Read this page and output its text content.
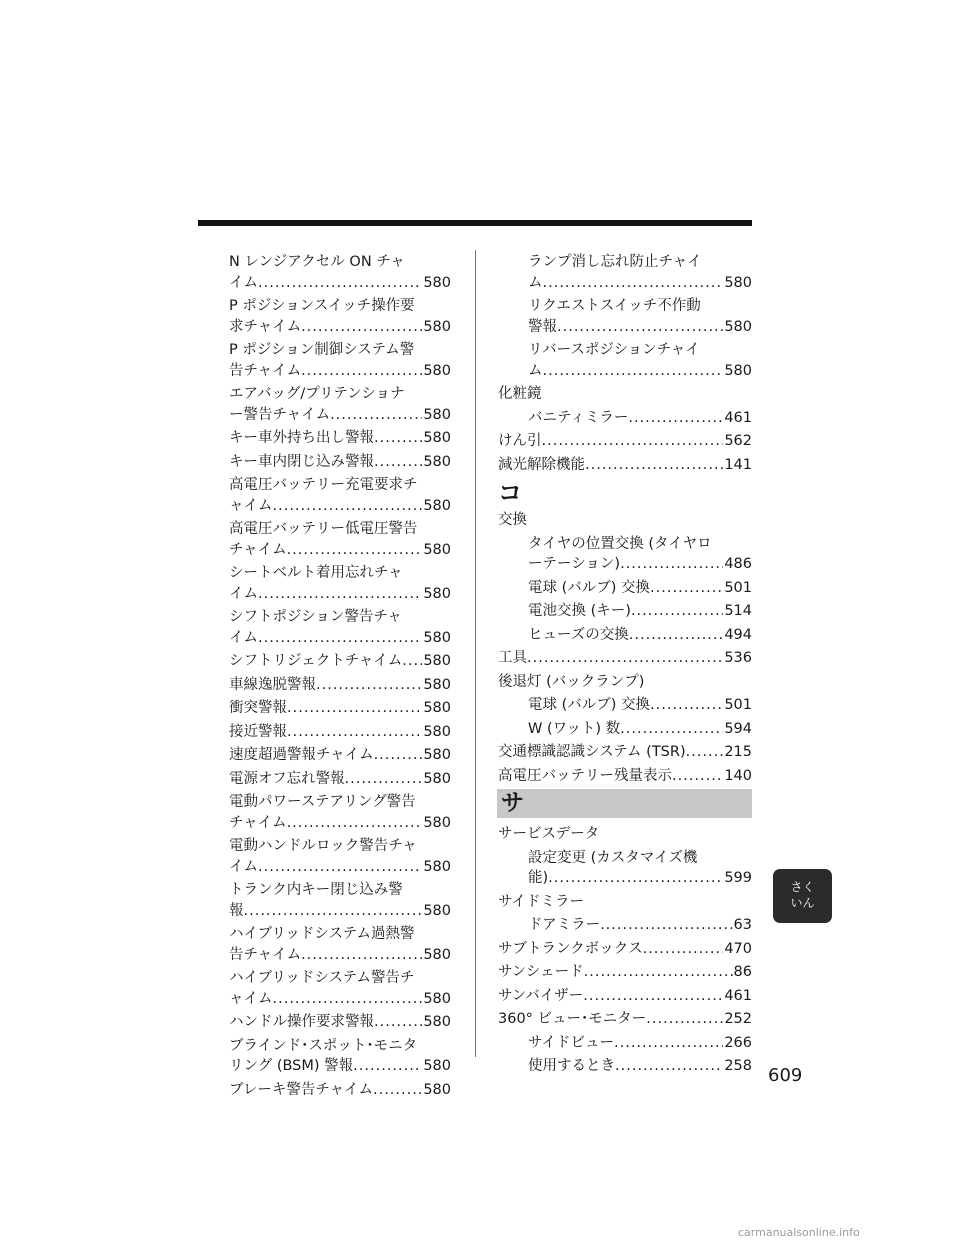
N レンジアクセル ON チャ
イム .....	580
P ポジションスイッチ操作要
求チャイム .....	580
P ポジション制御システム警
告チャイム .....	580
エアバッグ/プリテンショナ
ー警告チャイム .....	580
キー車外持ち出し警報 .....	580
キー車内閉じ込み警報 .....	580
高電圧バッテリー充電要求チ
ャイム .....	580
高電圧バッテリー低電圧警告
チャイム .....	580
シートベルト着用忘れチャ
イム .....	580
シフトポジション警告チャ
イム .....	580
シフトリジェクトチャイム ..... 580
車線逸脱警報 .....	580
衝突警報 .....	580
接近警報 .....	580
速度超過警報チャイム .....	580
電源オフ忘れ警報 .....	580
電動パワーステアリング警告
チャイム .....	580
電動ハンドルロック警告チャ
イム .....	580
トランク内キー閉じ込み警
報 .....	580
ハイブリッドシステム過熱警
告チャイム .....	580
ハイブリッドシステム警告チ
ャイム .....	580
ハンドル操作要求警報 .....	580
ブラインド･スポット･モニタ
リング (BSM) 警報 .....	580
ブレーキ警告チャイム .....	580
ランプ消し忘れ防止チャイ
ム .....	580
リクエストスイッチ不作動
警報 .....	580
リバースポジションチャイ
ム .....	580
化粧鏡
バニティミラー .....	461
けん引 .....	562
減光解除機能 .....	141
コ
交換
タイヤの位置交換 (タイヤロ
ーテーション) .....	486
電球 (バルブ) 交換 .....	501
電池交換 (キー) .....	514
ヒューズの交換 .....	494
工具 .....	536
後退灯 (バックランプ)
電球 (バルブ) 交換 .....	501
W (ワット) 数 .....	594
交通標識認識システム (TSR) .....	215
高電圧バッテリー残量表示 .....	140
サ
サービスデータ
設定変更 (カスタマイズ機
能) .....	599
サイドミラー
ドアミラー .....	63
サブトランクボックス .....	470
サンシェード .....	86
サンバイザー .....	461
360° ビュー･モニター .....	252
サイドビュー .....	266
使用するとき .....	258
さく
いん
609
carmanualsonline.info
